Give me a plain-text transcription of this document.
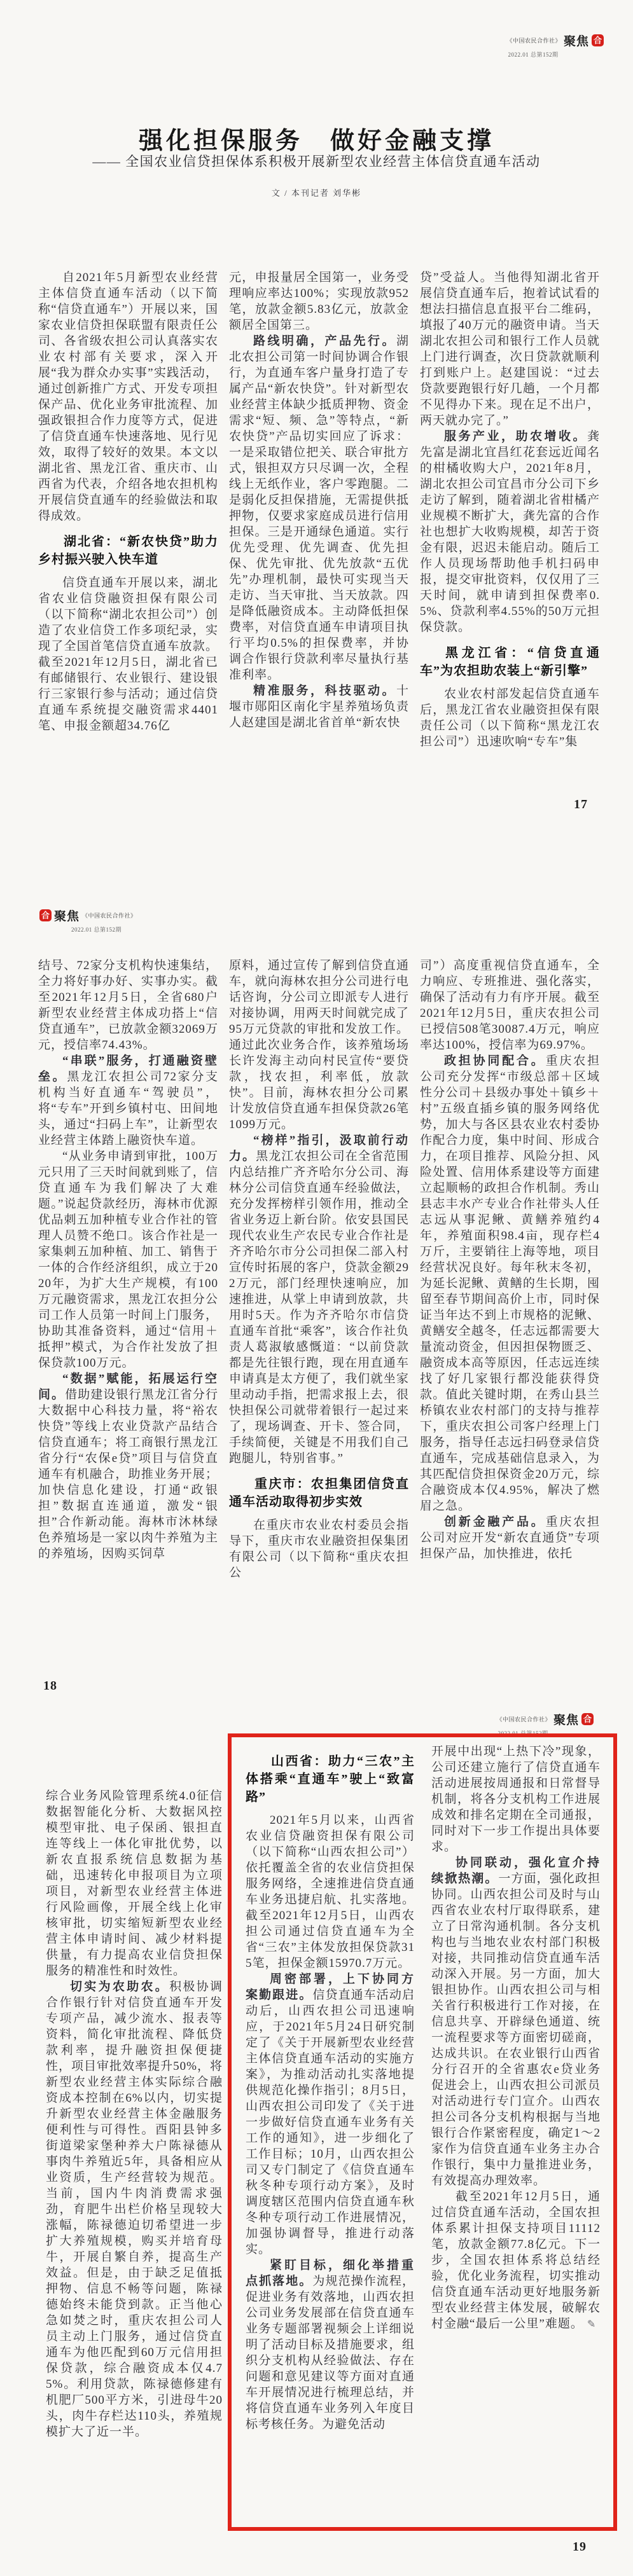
《中国农民合作社》 聚焦 合
2022.01 总第152期
强化担保服务　做好金融支撑
—— 全国农业信贷担保体系积极开展新型农业经营主体信贷直通车活动
文 / 本刊记者 刘华彬

自2021年5月新型农业经营主体信贷直通车活动（以下简称“信贷直通车”）开展以来，国家农业信贷担保联盟有限责任公司、各省级农担公司认真落实农业农村部有关要求，深入开展“我为群众办实事”实践活动，通过创新推广方式、开发专项担保产品、优化业务审批流程、加强政银担合作力度等方式，促进了信贷直通车快速落地、见行见效，取得了较好的效果。本文以湖北省、黑龙江省、重庆市、山西省为代表，介绍各地农担机构开展信贷直通车的经验做法和取得成效。

湖北省：“新农快贷”助力乡村振兴驶入快车道

信贷直通车开展以来，湖北省农业信贷融资担保有限公司（以下简称“湖北农担公司”）创造了农业信贷工作多项纪录，实现了全国首笔信贷直通车放款。截至2021年12月5日，湖北省已有邮储银行、农业银行、建设银行三家银行参与活动；通过信贷直通车系统提交融资需求4401笔、申报金额超34.76亿

元，申报量居全国第一，业务受理响应率达100%；实现放款952笔，放款金额5.83亿元，放款金额居全国第三。

路线明确，产品先行。湖北农担公司第一时间协调合作银行，为直通车客户量身打造了专属产品“新农快贷”。针对新型农业经营主体缺少抵质押物、资金需求“短、频、急”等特点，“新农快贷”产品切实回应了诉求：一是采取错位把关、联合审批方式，银担双方只尽调一次，全程线上无纸作业，客户零跑腿。二是弱化反担保措施，无需提供抵押物，仅要求家庭成员进行信用担保。三是开通绿色通道。实行优先受理、优先调查、优先担保、优先审批、优先放款“五优先”办理机制，最快可实现当天走访、当天审批、当天放款。四是降低融资成本。主动降低担保费率，对信贷直通车申请项目执行平均0.5%的担保费率，并协调合作银行贷款利率尽量执行基准利率。

精准服务，科技驱动。十堰市郧阳区南化宇星养殖场负责人赵建国是湖北省首单“新农快

贷”受益人。当他得知湖北省开展信贷直通车后，抱着试试看的想法扫描信息直报平台二维码，填报了40万元的融资申请。当天湖北农担公司和银行工作人员就上门进行调查，次日贷款就顺利打到账户上。赵建国说：“过去贷款要跑银行好几趟，一个月都不见得办下来。现在足不出户，两天就办完了。”

服务产业，助农增收。龚先富是湖北宜昌红花套远近闻名的柑橘收购大户，2021年8月，湖北农担公司宜昌市分公司下乡走访了解到，随着湖北省柑橘产业规模不断扩大，龚先富的合作社也想扩大收购规模，却苦于资金有限，迟迟未能启动。随后工作人员现场帮助他手机扫码申报，提交审批资料，仅仅用了三天时间，就申请到担保费率0.5%、贷款利率4.55%的50万元担保贷款。

黑龙江省：“信贷直通车”为农担助农装上“新引擎”

农业农村部发起信贷直通车后，黑龙江省农业融资担保有限责任公司（以下简称“黑龙江农担公司”）迅速吹响“专车”集

17
合 聚焦 《中国农民合作社》
2022.01 总第152期

结号、72家分支机构快速集结，全力将好事办好、实事办实。截至2021年12月5日，全省680户新型农业经营主体成功搭上“信贷直通车”，已放款金额32069万元，授信率74.43%。

“串联”服务，打通融资壁垒。黑龙江农担公司72家分支机构当好直通车“驾驶员”，将“专车”开到乡镇村屯、田间地头，通过“扫码上车”，让新型农业经营主体踏上融资快车道。

“从业务申请到审批，100万元只用了三天时间就到账了，信贷直通车为我们解决了大难题。”说起贷款经历，海林市优源优品刺五加种植专业合作社的管理人员赞不绝口。该合作社是一家集刺五加种植、加工、销售于一体的合作经济组织，成立于2020年，为扩大生产规模，有100万元融资需求，黑龙江农担分公司工作人员第一时间上门服务，协助其准备资料，通过“信用＋抵押”模式，为合作社发放了担保贷款100万元。

“数据”赋能，拓展运行空间。借助建设银行黑龙江省分行大数据中心科技力量，将“裕农快贷”等线上农业贷款产品结合信贷直通车；将工商银行黑龙江省分行“农保e贷”项目与信贷直通车有机融合，助推业务开展；加快信息化建设，打通“政银担”数据直连通道，激发“银担”合作新动能。海林市沐林绿色养殖场是一家以肉牛养殖为主的养殖场，因购买饲草

原料，通过宣传了解到信贷直通车，就向海林农担分公司进行电话咨询，分公司立即派专人进行对接协调，用两天时间就完成了95万元贷款的审批和发放工作。通过此次业务合作，该养殖场场长许发海主动向村民宣传“要贷款，找农担，利率低，放款快”。目前，海林农担分公司累计发放信贷直通车担保贷款26笔1099万元。

“榜样”指引，汲取前行动力。黑龙江农担公司在全省范围内总结推广齐齐哈尔分公司、海林分公司信贷直通车经验做法，充分发挥榜样引领作用，推动全省业务迈上新台阶。依安县国民现代农业生产农民专业合作社是齐齐哈尔市分公司担保二部入村宣传时拓展的客户，贷款金额292万元，部门经理快速响应，加速推进，从掌上申请到放款，共用时5天。作为齐齐哈尔市信贷直通车首批“乘客”，该合作社负责人葛淑敏感慨道：“以前贷款都是先往银行跑，现在用直通车申请真是太方便了，我们就坐家里动动手指，把需求报上去，很快担保公司就带着银行一起过来了，现场调查、开卡、签合同，手续简便，关键是不用我们自己跑腿儿，特别省事。”

重庆市：农担集团信贷直通车活动取得初步实效

在重庆市农业农村委员会指导下，重庆市农业融资担保集团有限公司（以下简称“重庆农担公

司”）高度重视信贷直通车，全力响应、专班推进、强化落实，确保了活动有力有序开展。截至2021年12月5日，重庆农担公司已授信508笔30087.4万元，响应率达100%，授信率为69.97%。

政担协同配合。重庆农担公司充分发挥“市级总部＋区域性分公司＋县级办事处＋镇乡＋村”五级直插乡镇的服务网络优势，加大与各区县农业农村委协作配合力度，集中时间、形成合力，在项目推荐、风险分担、风险处置、信用体系建设等方面建立起顺畅的政担合作机制。秀山县志丰水产专业合作社带头人任志远从事泥鳅、黄鳝养殖约4年，养殖面积98.4亩，现存栏4万斤，主要销往上海等地，项目经营状况良好。每年秋末冬初，为延长泥鳅、黄鳝的生长期，囤留至春节期间高价上市，同时保证当年达不到上市规格的泥鳅、黄鳝安全越冬，任志远都需要大量流动资金，但因担保物匮乏、融资成本高等原因，任志远连续找了好几家银行都没能获得贷款。值此关键时期，在秀山县兰桥镇农业农村部门的支持与推荐下，重庆农担公司客户经理上门服务，指导任志远扫码登录信贷直通车，完成基础信息录入，为其匹配信贷担保资金20万元，综合融资成本仅4.95%，解决了燃眉之急。

创新金融产品。重庆农担公司对应开发“新农直通贷”专项担保产品，加快推进，依托

18
《中国农民合作社》 聚焦 合
2022.01 总第152期

综合业务风险管理系统4.0征信数据智能化分析、大数据风控模型审批、电子保函、银担直连等线上一体化审批优势，以新农直报系统信息数据为基础，迅速转化申报项目为立项项目，对新型农业经营主体进行风险画像，开展全线上化审核审批，切实缩短新型农业经营主体申请时间、减少材料提供量，有力提高农业信贷担保服务的精准性和时效性。

切实为农助农。积极协调合作银行针对信贷直通车开发专项产品，减少流水、报表等资料，简化审批流程、降低贷款利率，提升融资担保便捷性，项目审批效率提升50%，将新型农业经营主体实际综合融资成本控制在6%以内，切实提升新型农业经营主体金融服务便利性与可得性。酉阳县钟多街道梁家堡种养大户陈禄德从事肉牛养殖近5年，具备相应从业资质，生产经营较为规范。当前，国内牛肉消费需求强劲，育肥牛出栏价格呈现较大涨幅，陈禄德迫切希望进一步扩大养殖规模，购买并培育母牛，开展自繁自养，提高生产效益。但是，由于缺乏足值抵押物、信息不畅等问题，陈禄德始终未能贷到款。正当他心急如焚之时，重庆农担公司人员主动上门服务，通过信贷直通车为他匹配到60万元信用担保贷款，综合融资成本仅4.75%。利用贷款，陈禄德修建有机肥厂500平方米，引进母牛20头，肉牛存栏达110头，养殖规模扩大了近一半。

山西省：助力“三农”主体搭乘“直通车”驶上“致富路”

2021年5月以来，山西省农业信贷融资担保有限公司（以下简称“山西农担公司”）依托覆盖全省的农业信贷担保服务网络，全速推进信贷直通车业务迅捷启航、扎实落地。截至2021年12月5日，山西农担公司通过信贷直通车为全省“三农”主体发放担保贷款315笔，担保金额15970.7万元。

周密部署，上下协同方案勤跟进。信贷直通车活动启动后，山西农担公司迅速响应，于2021年5月24日研究制定了《关于开展新型农业经营主体信贷直通车活动的实施方案》，为推动活动扎实落地提供规范化操作指引；8月5日，山西农担公司印发了《关于进一步做好信贷直通车业务有关工作的通知》，进一步细化了工作目标；10月，山西农担公司又专门制定了《信贷直通车秋冬种专项行动方案》，及时调度辖区范围内信贷直通车秋冬种专项行动工作进展情况，加强协调督导，推进行动落实。

紧盯目标，细化举措重点抓落地。为规范操作流程，促进业务有效落地，山西农担公司业务发展部在信贷直通车业务专题部署视频会上详细说明了活动目标及措施要求，组织分支机构从经验做法、存在问题和意见建议等方面对直通车开展情况进行梳理总结，并将信贷直通车业务列入年度目标考核任务。为避免活动

开展中出现“上热下冷”现象，公司还建立施行了信贷直通车活动进展按周通报和日常督导机制，将各分支机构工作进展成效和排名定期在全司通报，同时对下一步工作提出具体要求。

协同联动，强化宣介持续掀热潮。一方面，强化政担协同。山西农担公司及时与山西省农业农村厅取得联系，建立了日常沟通机制。各分支机构也与当地农业农村部门积极对接，共同推动信贷直通车活动深入开展。另一方面，加大银担协作。山西农担公司与相关省行积极进行工作对接，在信息共享、开辟绿色通道、统一流程要求等方面密切磋商，达成共识。在农业银行山西省分行召开的全省惠农e贷业务促进会上，山西农担公司派员对活动进行专门宣介。山西农担公司各分支机构根据与当地银行合作紧密程度，确定1～2家作为信贷直通车业务主办合作银行，集中力量推进业务，有效提高办理效率。

截至2021年12月5日，通过信贷直通车活动，全国农担体系累计担保支持项目11112笔，放款金额77.8亿元。下一步，全国农担体系将总结经验，优化业务流程，切实推动信贷直通车活动更好地服务新型农业经营主体发展，破解农村金融“最后一公里”难题。 ✎

19
